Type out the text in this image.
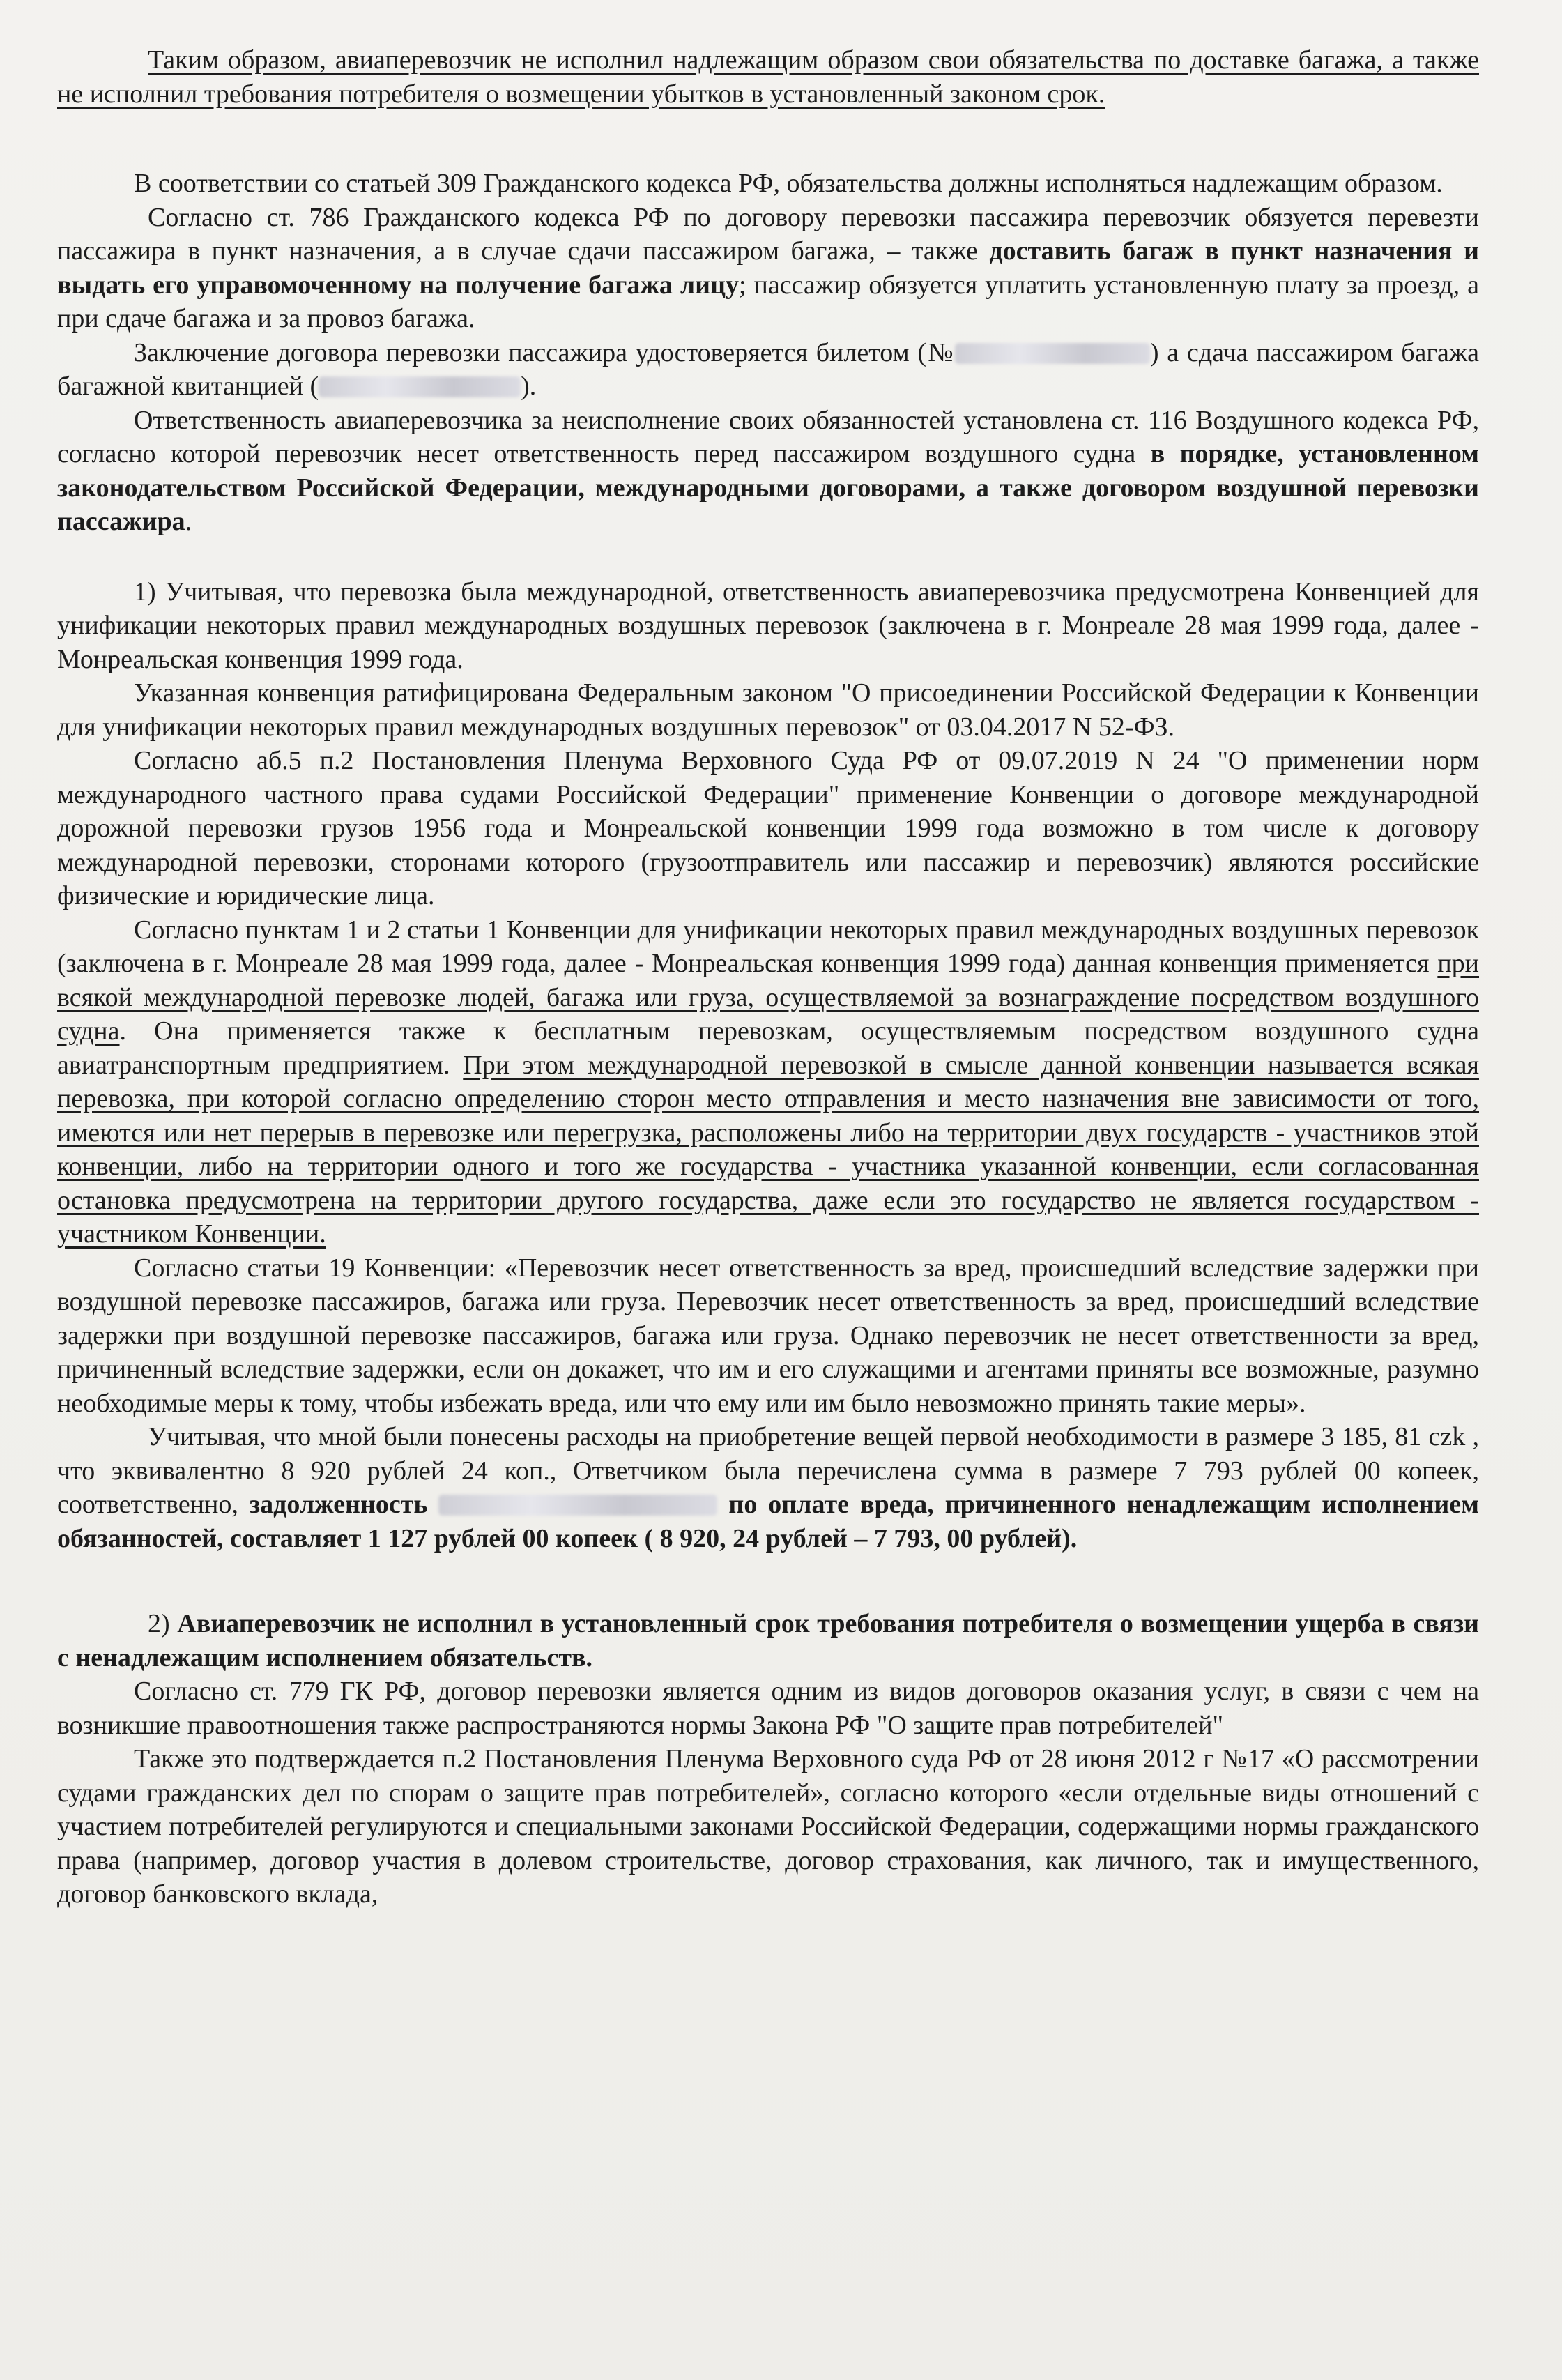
Таким образом, авиаперевозчик не исполнил надлежащим образом свои обязательства по доставке багажа, а также не исполнил требования потребителя о возмещении убытков в установленный законом срок.

В соответствии со статьей 309 Гражданского кодекса РФ, обязательства должны исполняться надлежащим образом.

Согласно ст. 786 Гражданского кодекса РФ по договору перевозки пассажира перевозчик обязуется перевезти пассажира в пункт назначения, а в случае сдачи пассажиром багажа, – также доставить багаж в пункт назначения и выдать его управомоченному на получение багажа лицу; пассажир обязуется уплатить установленную плату за проезд, а при сдаче багажа и за провоз багажа.

Заключение договора перевозки пассажира удостоверяется билетом (№	) а сдача пассажиром багажа багажной квитанцией (	).

Ответственность авиаперевозчика за неисполнение своих обязанностей установлена ст. 116 Воздушного кодекса РФ, согласно которой перевозчик несет ответственность перед пассажиром воздушного судна в порядке, установленном законодательством Российской Федерации, международными договорами, а также договором воздушной перевозки пассажира.

1) Учитывая, что перевозка была международной, ответственность авиаперевозчика предусмотрена Конвенцией для унификации некоторых правил международных воздушных перевозок (заключена в г. Монреале 28 мая 1999 года, далее - Монреальская конвенция 1999 года.

Указанная конвенция ратифицирована Федеральным законом "О присоединении Российской Федерации к Конвенции для унификации некоторых правил международных воздушных перевозок" от 03.04.2017 N 52-ФЗ.

Согласно аб.5 п.2 Постановления Пленума Верховного Суда РФ от 09.07.2019 N 24 "О применении норм международного частного права судами Российской Федерации" применение Конвенции о договоре международной дорожной перевозки грузов 1956 года и Монреальской конвенции 1999 года возможно в том числе к договору международной перевозки, сторонами которого (грузоотправитель или пассажир и перевозчик) являются российские физические и юридические лица.

Согласно пунктам 1 и 2 статьи 1 Конвенции для унификации некоторых правил международных воздушных перевозок (заключена в г. Монреале 28 мая 1999 года, далее - Монреальская конвенция 1999 года) данная конвенция применяется при всякой международной перевозке людей, багажа или груза, осуществляемой за вознаграждение посредством воздушного судна. Она применяется также к бесплатным перевозкам, осуществляемым посредством воздушного судна авиатранспортным предприятием. При этом международной перевозкой в смысле данной конвенции называется всякая перевозка, при которой согласно определению сторон место отправления и место назначения вне зависимости от того, имеются или нет перерыв в перевозке или перегрузка, расположены либо на территории двух государств - участников этой конвенции, либо на территории одного и того же государства - участника указанной конвенции, если согласованная остановка предусмотрена на территории другого государства, даже если это государство не является государством - участником Конвенции.

Согласно статьи 19 Конвенции: «Перевозчик несет ответственность за вред, происшедший вследствие задержки при воздушной перевозке пассажиров, багажа или груза. Перевозчик несет ответственность за вред, происшедший вследствие задержки при воздушной перевозке пассажиров, багажа или груза. Однако перевозчик не несет ответственности за вред, причиненный вследствие задержки, если он докажет, что им и его служащими и агентами приняты все возможные, разумно необходимые меры к тому, чтобы избежать вреда, или что ему или им было невозможно принять такие меры».

Учитывая, что мной были понесены расходы на приобретение вещей первой необходимости в размере 3 185, 81 czk , что эквивалентно 8 920 рублей 24 коп., Ответчиком была перечислена сумма в размере 7 793 рублей 00 копеек, соответственно, задолженность	по оплате вреда, причиненного ненадлежащим исполнением обязанностей, составляет 1 127 рублей 00 копеек ( 8 920, 24 рублей – 7 793, 00 рублей).

2) Авиаперевозчик не исполнил в установленный срок требования потребителя о возмещении ущерба в связи с ненадлежащим исполнением обязательств.

Согласно ст. 779 ГК РФ, договор перевозки является одним из видов договоров оказания услуг, в связи с чем на возникшие правоотношения также распространяются нормы Закона РФ "О защите прав потребителей"

Также это подтверждается п.2 Постановления Пленума Верховного суда РФ от 28 июня 2012 г №17 «О рассмотрении судами гражданских дел по спорам о защите прав потребителей», согласно которого «если отдельные виды отношений с участием потребителей регулируются и специальными законами Российской Федерации, содержащими нормы гражданского права (например, договор участия в долевом строительстве, договор страхования, как личного, так и имущественного, договор банковского вклада,
